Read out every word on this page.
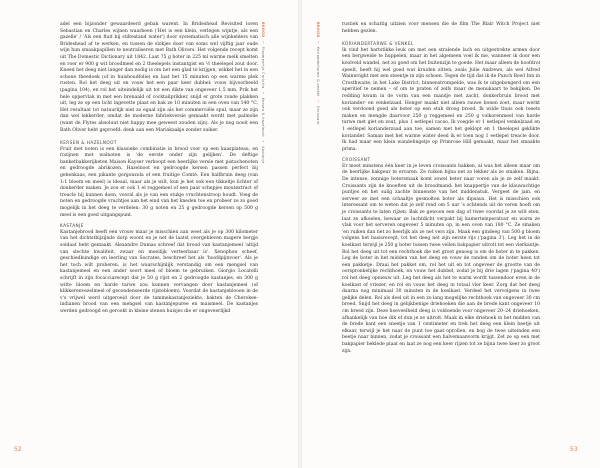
adel een bijzonder gewaardeerd gebak warent. In Brideshead Revisited loren Sebastian en Charles wijnen waarbeen ('Het is een klein, verlegen wijntje, als een gazelle' / 'Als een fluit bij stiltestand water') door systematisch alle wijnkelders van Brideshead af te werken, en tussen de slokjes door van soms wel vijftig jaar oude wijn hun smaakpapillen te neutraliseren met Bath Olivers. Het volgende recept komt uit The Domestic Dictionary uit 1842. Laat 75 g boter in 225 ml warme melk smelten en roer er 900 g wit broodmeel en 2 theelepels instantgist en ½ theelepel zout door. Kneed het deeg niet langer dan nodig is om het een glad te krijgen, wikkel het in een schone theedoek (of in huishoudfolie) en laat het 15 minuten op een warme plek rusten. Rol het deeg uit en vouw het een paar keer dubbel: vouw bijvoorbeeld (pagina 104), en rol het uiteindelijk uit tot een dikte van ongeveer 1,5 mm. Prik het hele oppervlak in met een brenaald of cocktailprikker, snijd er grote ronde plakken uit, leg ze op een licht ingevette plaat en bak ze 10 minuten in een oven van 140 °C. Het resultaat tot natuurlijk niet zo egaal zijn als het commerciële spul, maar ze zijn dan wel lekkerder, omdat de moderne fabriekversie gemaakt wordt met palmolie (want de Flytes absoluut niet happy mee geweest zouden zijn). Als je nog nooit een Bath Oliver hebt geproefd: denk aan een Mariakaakje zonder suiker.

KERSEN & HAZELNOOT

Fruit met noten is een klassieke combinatie in brood voor op een kaasplateau, en rozijnen met walnoten is 'de eerste onder zijn gelijken'. De deftige banketbakkerijketen Maison Kayser verkoopt een heerlijke versie met pistachenoten en gedroogde abrikozen. Hazelnoot en gedroogde kersen passen perfect bij gehenkaas, een pikante gorgonzola of een fruitige Comté. Een halfbruin deeg (van 1:1 bloem en meel) is ideaal, maar als je wilt, kun je het ook een tikkeltje lichter of donkerder maken. Je zou er ook 1 el roggemeel of een paar schepjes moutextract of treacle bij kunnen doen, vooral als je van een stukje vruchtensiroop houdt. Voeg de noten en gedroogde vruchtjes aan het eind van het kneden toe en probeer ze zo goed mogelijk in het deeg te verdelen: 30 g noten en 25 g gedroogde kersen op 500 g meel is een goed uitgangspunt.

KASTANJE

Kastanjebrood heeft een vrouw maar je misschien aan weet als je op 300 kilometer van het dichtstbijzijnde dorp woont en je net de laatst overgebleven magere bergje soldaat hebt gemaakt. Alexandre Dumas schreef dat brood van kastanjemeel 'altijd van slechte kwaliteit, zwaar en moeilijk verteerbaar is'. Xenophon scheef, geschiedkundige en leerling van Socrates, beschreef het als 'hoofdpijnvoer'. Als je het toch wilt proberen, is het waarschijnlijk verstandig om een mengsel van kastanjemeel en een ander soort meel of bloem te gebruiken. Giorgio Locatelli schrijft in zijn focacciarecept dat je 50 g rijst en 2 gedroogde kastanjes, en 300 g witte bloem en harde tarwe zou kunnen vervangen door kastanjemeel (of klikkerenvezelmeel of gecondenseerde rijstebloem). Voordat de kastanjeblooen in de v's vrijwel werd uitgeroeid door de tammekastanjeziekte, bakten de Cherokee-indianen brood van een mengsel van kastanjepuree en maismeel. De kastanjes werden gedroogd en gerookt in kleine stenen huisjes die er ongeveerlijkd

BROOD • Plasmeertje Carlotta • Kersen & hazelnoot • Kastanje
52
BROOD • Koriandertarwe & venkel • Croissant

rustiek en schattig uitzien voor mensen die de film The Blair Witch Project niet hebben gezien.

KORIANDERTARWE & VENKEL

Ik vind het hartstikke leuk om met een stralende lach en uitgestrekte armen door een bergweide te huppelen, maar in het algemeen voel ik me, wanneer ik door een koolveld wandel, net zo goed om het buitenzijn te goede. Het maar alleen de hoofdrol speelt, heeft hij wel goed wat kruiden zitten, zoals Julie Andrews, als wel Alfred Wainwright met een steentje in zijn schoen. Tegen de tijd dat ik de Punch Bowl Inn in Crosthwaite, in het Lake District, binnenstrompelde, was ik te uitgebongerd om een aperitief te nemen – of om te praten of zelfs maar de menukaart te bekijken. De redding kwam in de vorm van een mandje met zacht, donkerbruin brood met koriander- en venkelzaad. Honger maakt niet alleen rauwe bonen zoet, maar werkt ook verdoond goed als boter op een stuk droog brood. Ik wilde thuis ook toeets maken en mengde daarvoor 250 g roggemeel en 250 g volkorenmeel van harde tarwe met giet en zout, plus 1 eetlepel cacao. Ik voegde er 1 eetlepel venkelzaad en 1 eetlepel korianderzaad aan toe, samen met het geklopt en 1 theelepel geklikte koriander. Saman met het warme water deed ik er toen nog 1 eetlepel treacle door. Ik had maar een klein wandelingetje op Primrose Hill gemaakt, maar het smaakte prima.

CROISSANT

Er moet minstens één keer in je leven croissants bakken, al was het alleen maar om de heerlijke bakgeur te ervaren. Ze ruiken bijna net zo lekker als ze smaken. Bijna. De intense, zonnige botersmaak komt zowel beter naar voren als je ze zelf maakt. Croissants zijn de knoeften uit de broodmand: het knappertje van de klauwachtige puntjes en het sulig zachte binnenste van het middenstuk. Vergeet de jam, en serveer ze met een schaaltje gesmolten boter als dipsaus. Het is misschien ook interessant om te weten dat je zelf rond om 5 uur 's ochtends uit de veren hoeft om je croissants te laten rijzen. Bak ze gewoon een dag of twee voordat je ze wilt eten, laat ze afkoelen, bewaar ze luchtdicht verpakt bij kamertemperatuur en warm ze vlak voor het serveren ongeveer 5 minuten op, in een oven van 180 °C. Ze smaken 'en ruiken dan net zo heerlijk als ze net vers zijn. Maak een gindeeg van 500 g bloem volgens het basisrecept, tot het deeg net zijn eerste rijs ('pagina 3'). Leg het in de koelkast terwijl je 250 g boter tussen twee vellen bakpapier uitrolt tot een vierkantje. Rol het deeg uit tot een rechthoek die net groot genoeg is om de boter in te pakken. Leg de boter in het midden van het deeg en vouw de randen om de boter heen tot een pakketje. Draai het pakket om, rol het uit en tot ongeveer de grootte van de oorspronkelijke rechthoek, en vouw het dubbel, zodat je bij drie lagen ('pagina 40') rol het deeg opnieuw uit. Leg het deeg als het te warm wordt tussendoor even in de koelkast of vriezer, en rol en vouw het deeg in totaal vier keer. Zorg dat het deeg daarna nog minimaal 30 minuten in de koelkast. Verdeel het vervolgens in twee gelijke delen. Rol als deel uit in een zo lang mogelijke rechthoek van ongeveer 30 cm breed. Snijd het deeg in gelijkbenige driehoeken die aan de brede kant ongeveer 10 cm breed zijn. Deze hoeveelheid deeg is voldoende voor ongeveer 20–24 driehoeken, afhankelijk van hoe dik of dun je ze uitrolt. Maak in elke driehoek in het midden van de brede kant een sneetje van 1 centimeter en trek het deeg een klein beetje uit elkaar, terwijl je het naar de punt toe gaat oprollen, en bog de twee uiteinden een beetje naar binnen, zodat je croissant een halvemaanvorm krijgt. Zet ze op een met bakpapier beklede plaat en laat ze nog een keer rijzen tot ze bijna twee keer zo groot zijn.

53
